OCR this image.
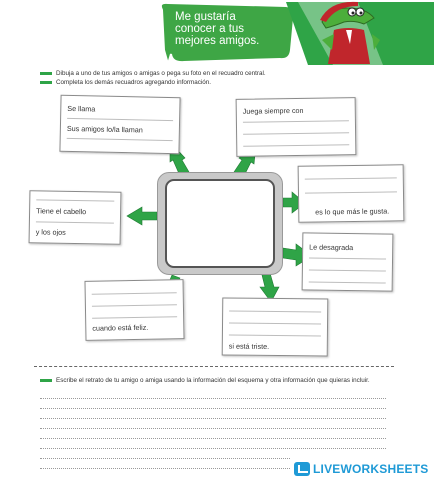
Me gustaría
conocer a tus
mejores amigos.
Dibuja a uno de tus amigos o amigas o pega su foto en el recuadro central.
Completa los demás recuadros agregando información.
Se llama
Sus amigos lo/la llaman
Juega siempre con
Tiene el cabello
y los ojos
es lo que más le gusta.
Le desagrada
cuando está feliz.
si está triste.
Escribe el retrato de tu amigo o amiga usando la información del esquema y otra información que quieras incluir.
LIVEWORKSHEETS
